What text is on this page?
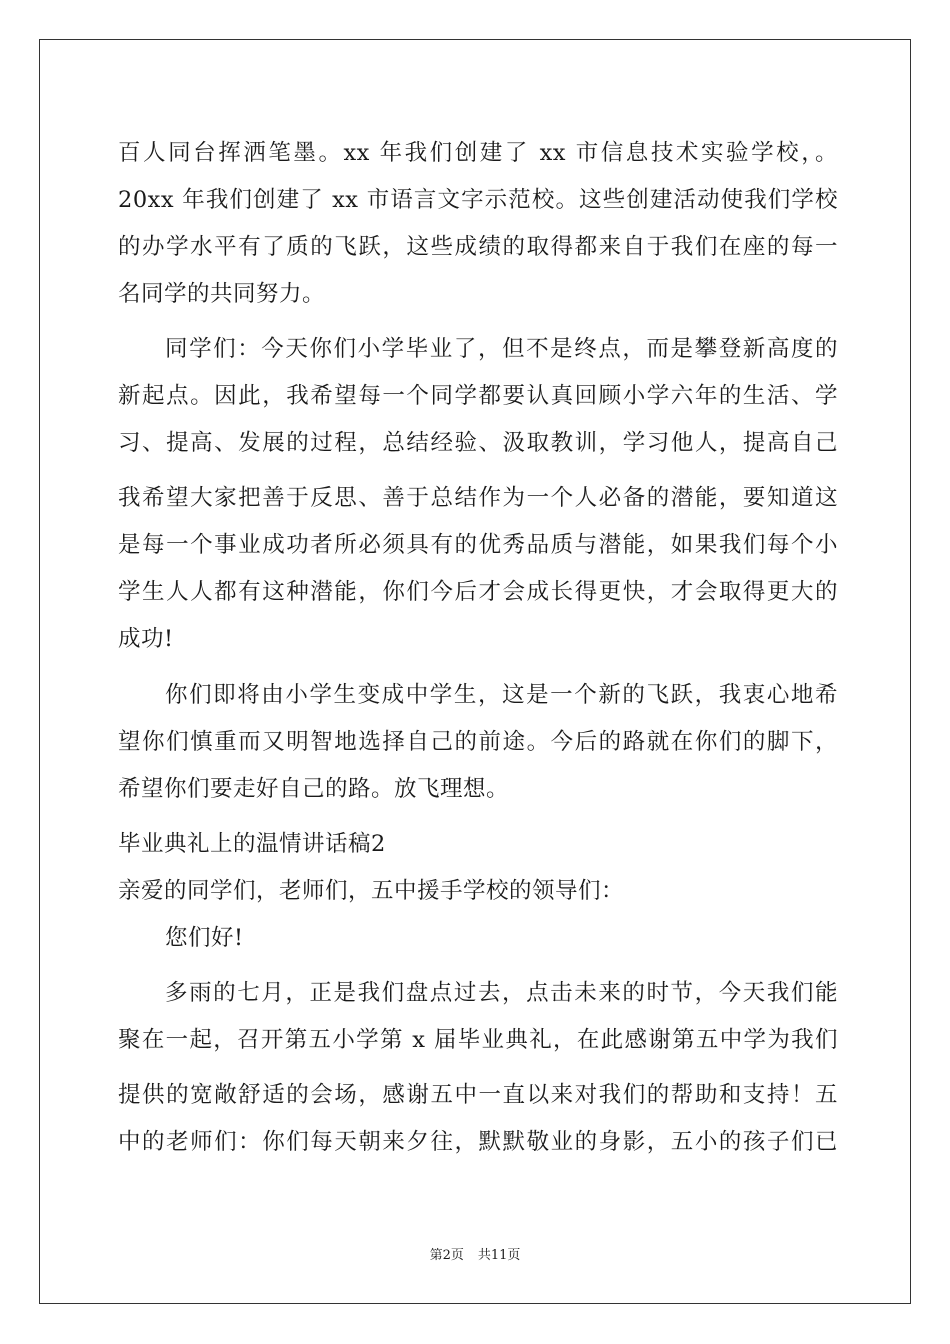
百人同台挥洒笔墨。xx 年我们创建了 xx 市信息技术实验学校，。
20xx 年我们创建了 xx 市语言文字示范校。这些创建活动使我们学校
的办学水平有了质的飞跃，这些成绩的取得都来自于我们在座的每一
名同学的共同努力。
同学们：今天你们小学毕业了，但不是终点，而是攀登新高度的
新起点。因此，我希望每一个同学都要认真回顾小学六年的生活、学
习、提高、发展的过程，总结经验、汲取教训，学习他人，提高自己
我希望大家把善于反思、善于总结作为一个人必备的潜能，要知道这
是每一个事业成功者所必须具有的优秀品质与潜能，如果我们每个小
学生人人都有这种潜能，你们今后才会成长得更快，才会取得更大的
成功!
你们即将由小学生变成中学生，这是一个新的飞跃，我衷心地希
望你们慎重而又明智地选择自己的前途。今后的路就在你们的脚下，
希望你们要走好自己的路。放飞理想。
毕业典礼上的温情讲话稿2
亲爱的同学们，老师们，五中援手学校的领导们：
您们好!
多雨的七月，正是我们盘点过去，点击未来的时节，今天我们能
聚在一起，召开第五小学第 x 届毕业典礼，在此感谢第五中学为我们
提供的宽敞舒适的会场，感谢五中一直以来对我们的帮助和支持！五
中的老师们：你们每天朝来夕往，默默敬业的身影，五小的孩子们已
第2页 共11页
